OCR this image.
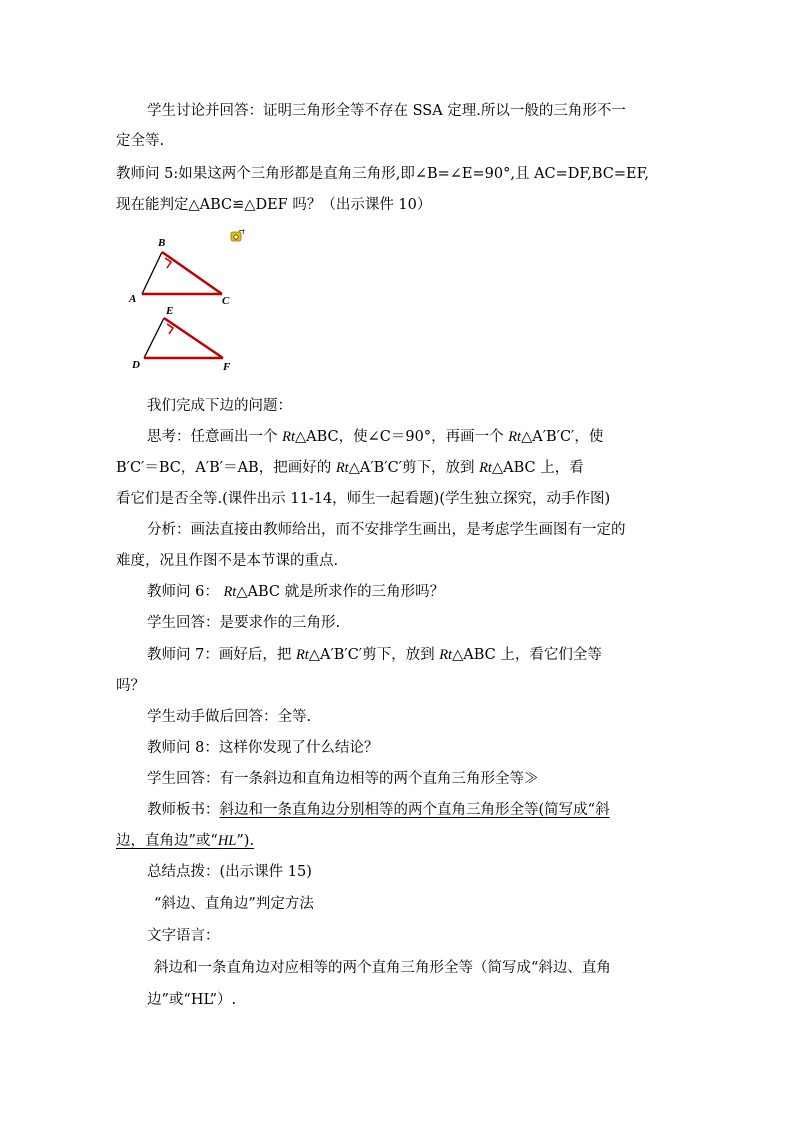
学生讨论并回答：证明三角形全等不存在 SSA 定理.所以一般的三角形不一
定全等.
教师问 5:如果这两个三角形都是直角三角形,即∠B=∠E=90°,且 AC=DF,BC=EF,
现在能判定△ABC≌△DEF 吗？（出示课件 10）
B
A	C
E
D	F
我们完成下边的问题：
思考：任意画出一个 Rt△ABC，使∠C＝90°，再画一个 Rt△A′B′C′，使
B′C′＝BC，A′B′＝AB，把画好的 Rt△A′B′C′剪下，放到 Rt△ABC 上，看
看它们是否全等.(课件出示 11-14，师生一起看题)(学生独立探究，动手作图)
分析：画法直接由教师给出，而不安排学生画出，是考虑学生画图有一定的
难度，况且作图不是本节课的重点.
教师问 6： Rt△ABC 就是所求作的三角形吗？
学生回答：是要求作的三角形.
教师问 7：画好后，把 Rt△A′B′C′剪下，放到 Rt△ABC 上，看它们全等
吗？
学生动手做后回答：全等.
教师问 8：这样你发现了什么结论？
学生回答：有一条斜边和直角边相等的两个直角三角形全等≫
教师板书：斜边和一条直角边分别相等的两个直角三角形全等(简写成“斜
边，直角边”或“HL”).
总结点拨：(出示课件 15)
“斜边、直角边”判定方法
文字语言：
斜边和一条直角边对应相等的两个直角三角形全等（简写成“斜边、直角
边”或“HL”）.
